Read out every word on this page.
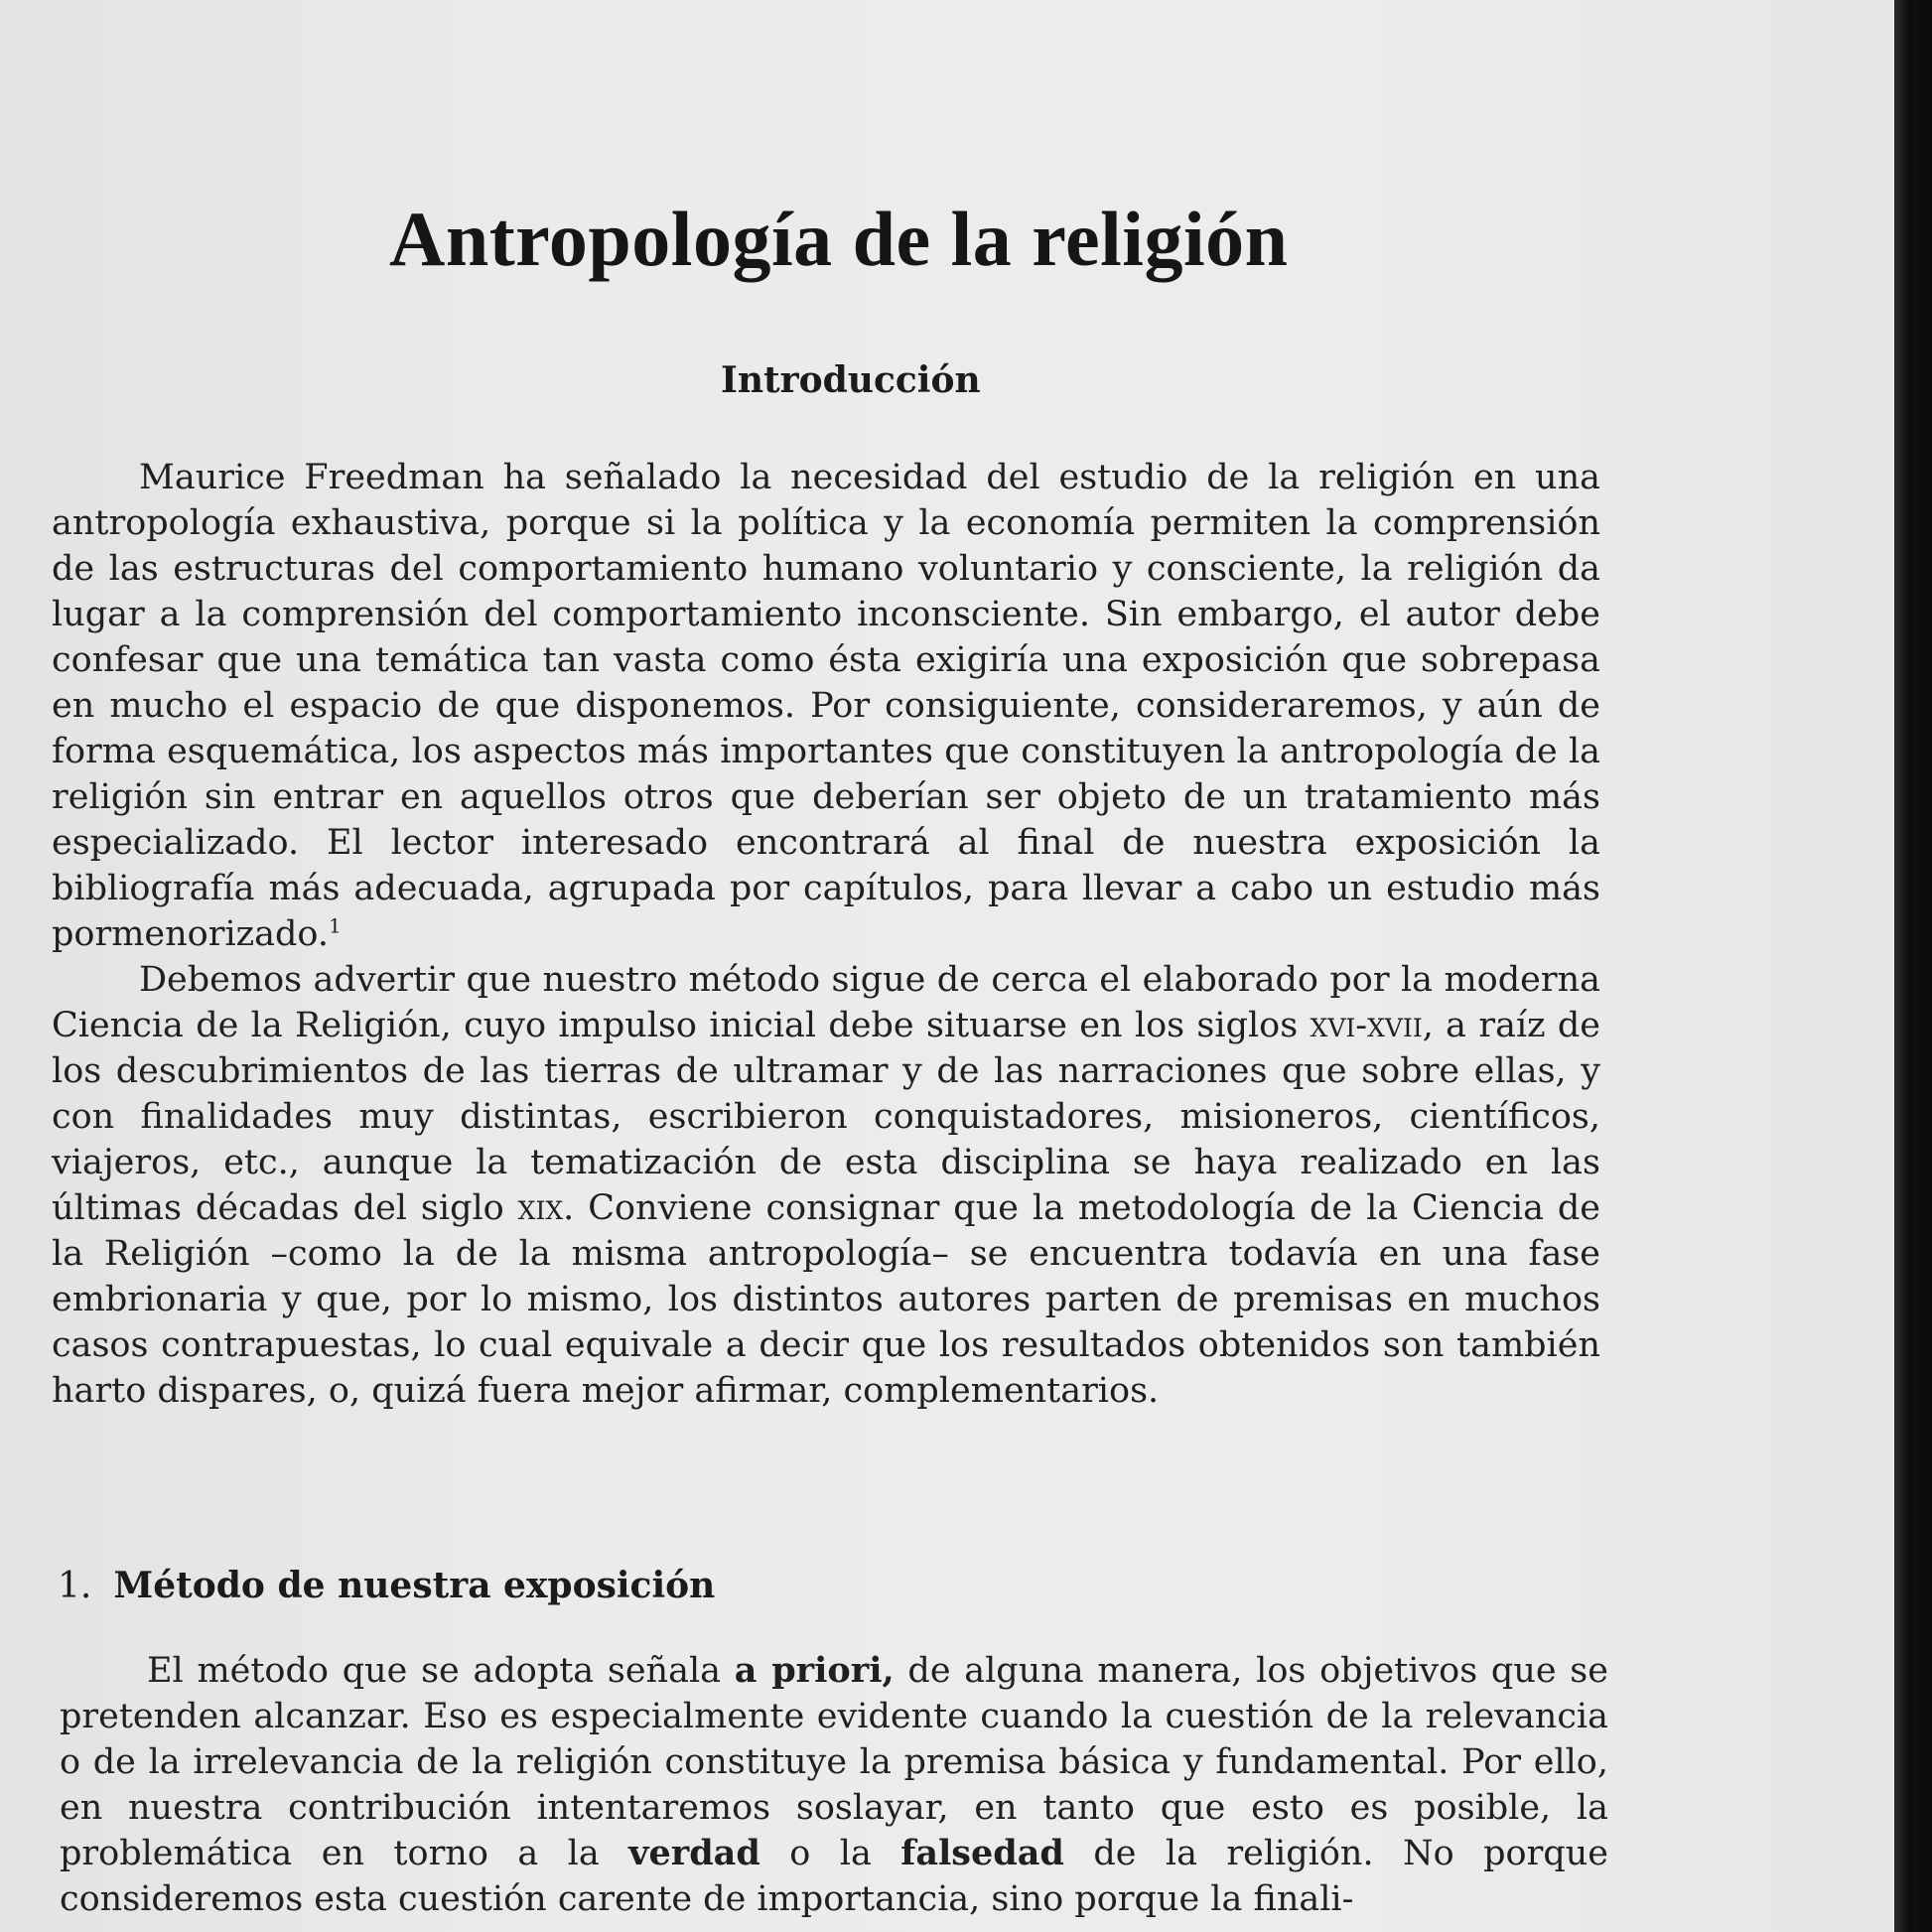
Antropología de la religión
Introducción

Maurice Freedman ha señalado la necesidad del estudio de la religión en una antropología exhaustiva, porque si la política y la economía permiten la comprensión de las estructuras del comportamiento humano voluntario y consciente, la religión da lugar a la comprensión del comportamiento inconsciente. Sin embargo, el autor debe confesar que una temática tan vasta como ésta exigiría una exposición que sobrepasa en mucho el espacio de que disponemos. Por consiguiente, consideraremos, y aún de forma esquemática, los aspectos más importantes que constituyen la antropología de la religión sin entrar en aquellos otros que deberían ser objeto de un tratamiento más especializado. El lector interesado encontrará al final de nuestra exposición la bibliografía más adecuada, agrupada por capítulos, para llevar a cabo un estudio más pormenorizado.$^1$

Debemos advertir que nuestro método sigue de cerca el elaborado por la moderna Ciencia de la Religión, cuyo impulso inicial debe situarse en los siglos xvi-xvii, a raíz de los descubrimientos de las tierras de ultramar y de las narraciones que sobre ellas, y con finalidades muy distintas, escribieron conquistadores, misioneros, científicos, viajeros, etc., aunque la tematización de esta disciplina se haya realizado en las últimas décadas del siglo xix. Conviene consignar que la metodología de la Ciencia de la Religión –como la de la misma antropología– se encuentra todavía en una fase embrionaria y que, por lo mismo, los distintos autores parten de premisas en muchos casos contrapuestas, lo cual equivale a decir que los resultados obtenidos son también harto dispares, o, quizá fuera mejor afirmar, complementarios.

1. Método de nuestra exposición

El método que se adopta señala a priori, de alguna manera, los objetivos que se pretenden alcanzar. Eso es especialmente evidente cuando la cuestión de la relevancia o de la irrelevancia de la religión constituye la premisa básica y fundamental. Por ello, en nuestra contribución intentaremos soslayar, en tanto que esto es posible, la problemática en torno a la verdad o la falsedad de la religión. No porque consideremos esta cuestión carente de importancia, sino porque la finali-
